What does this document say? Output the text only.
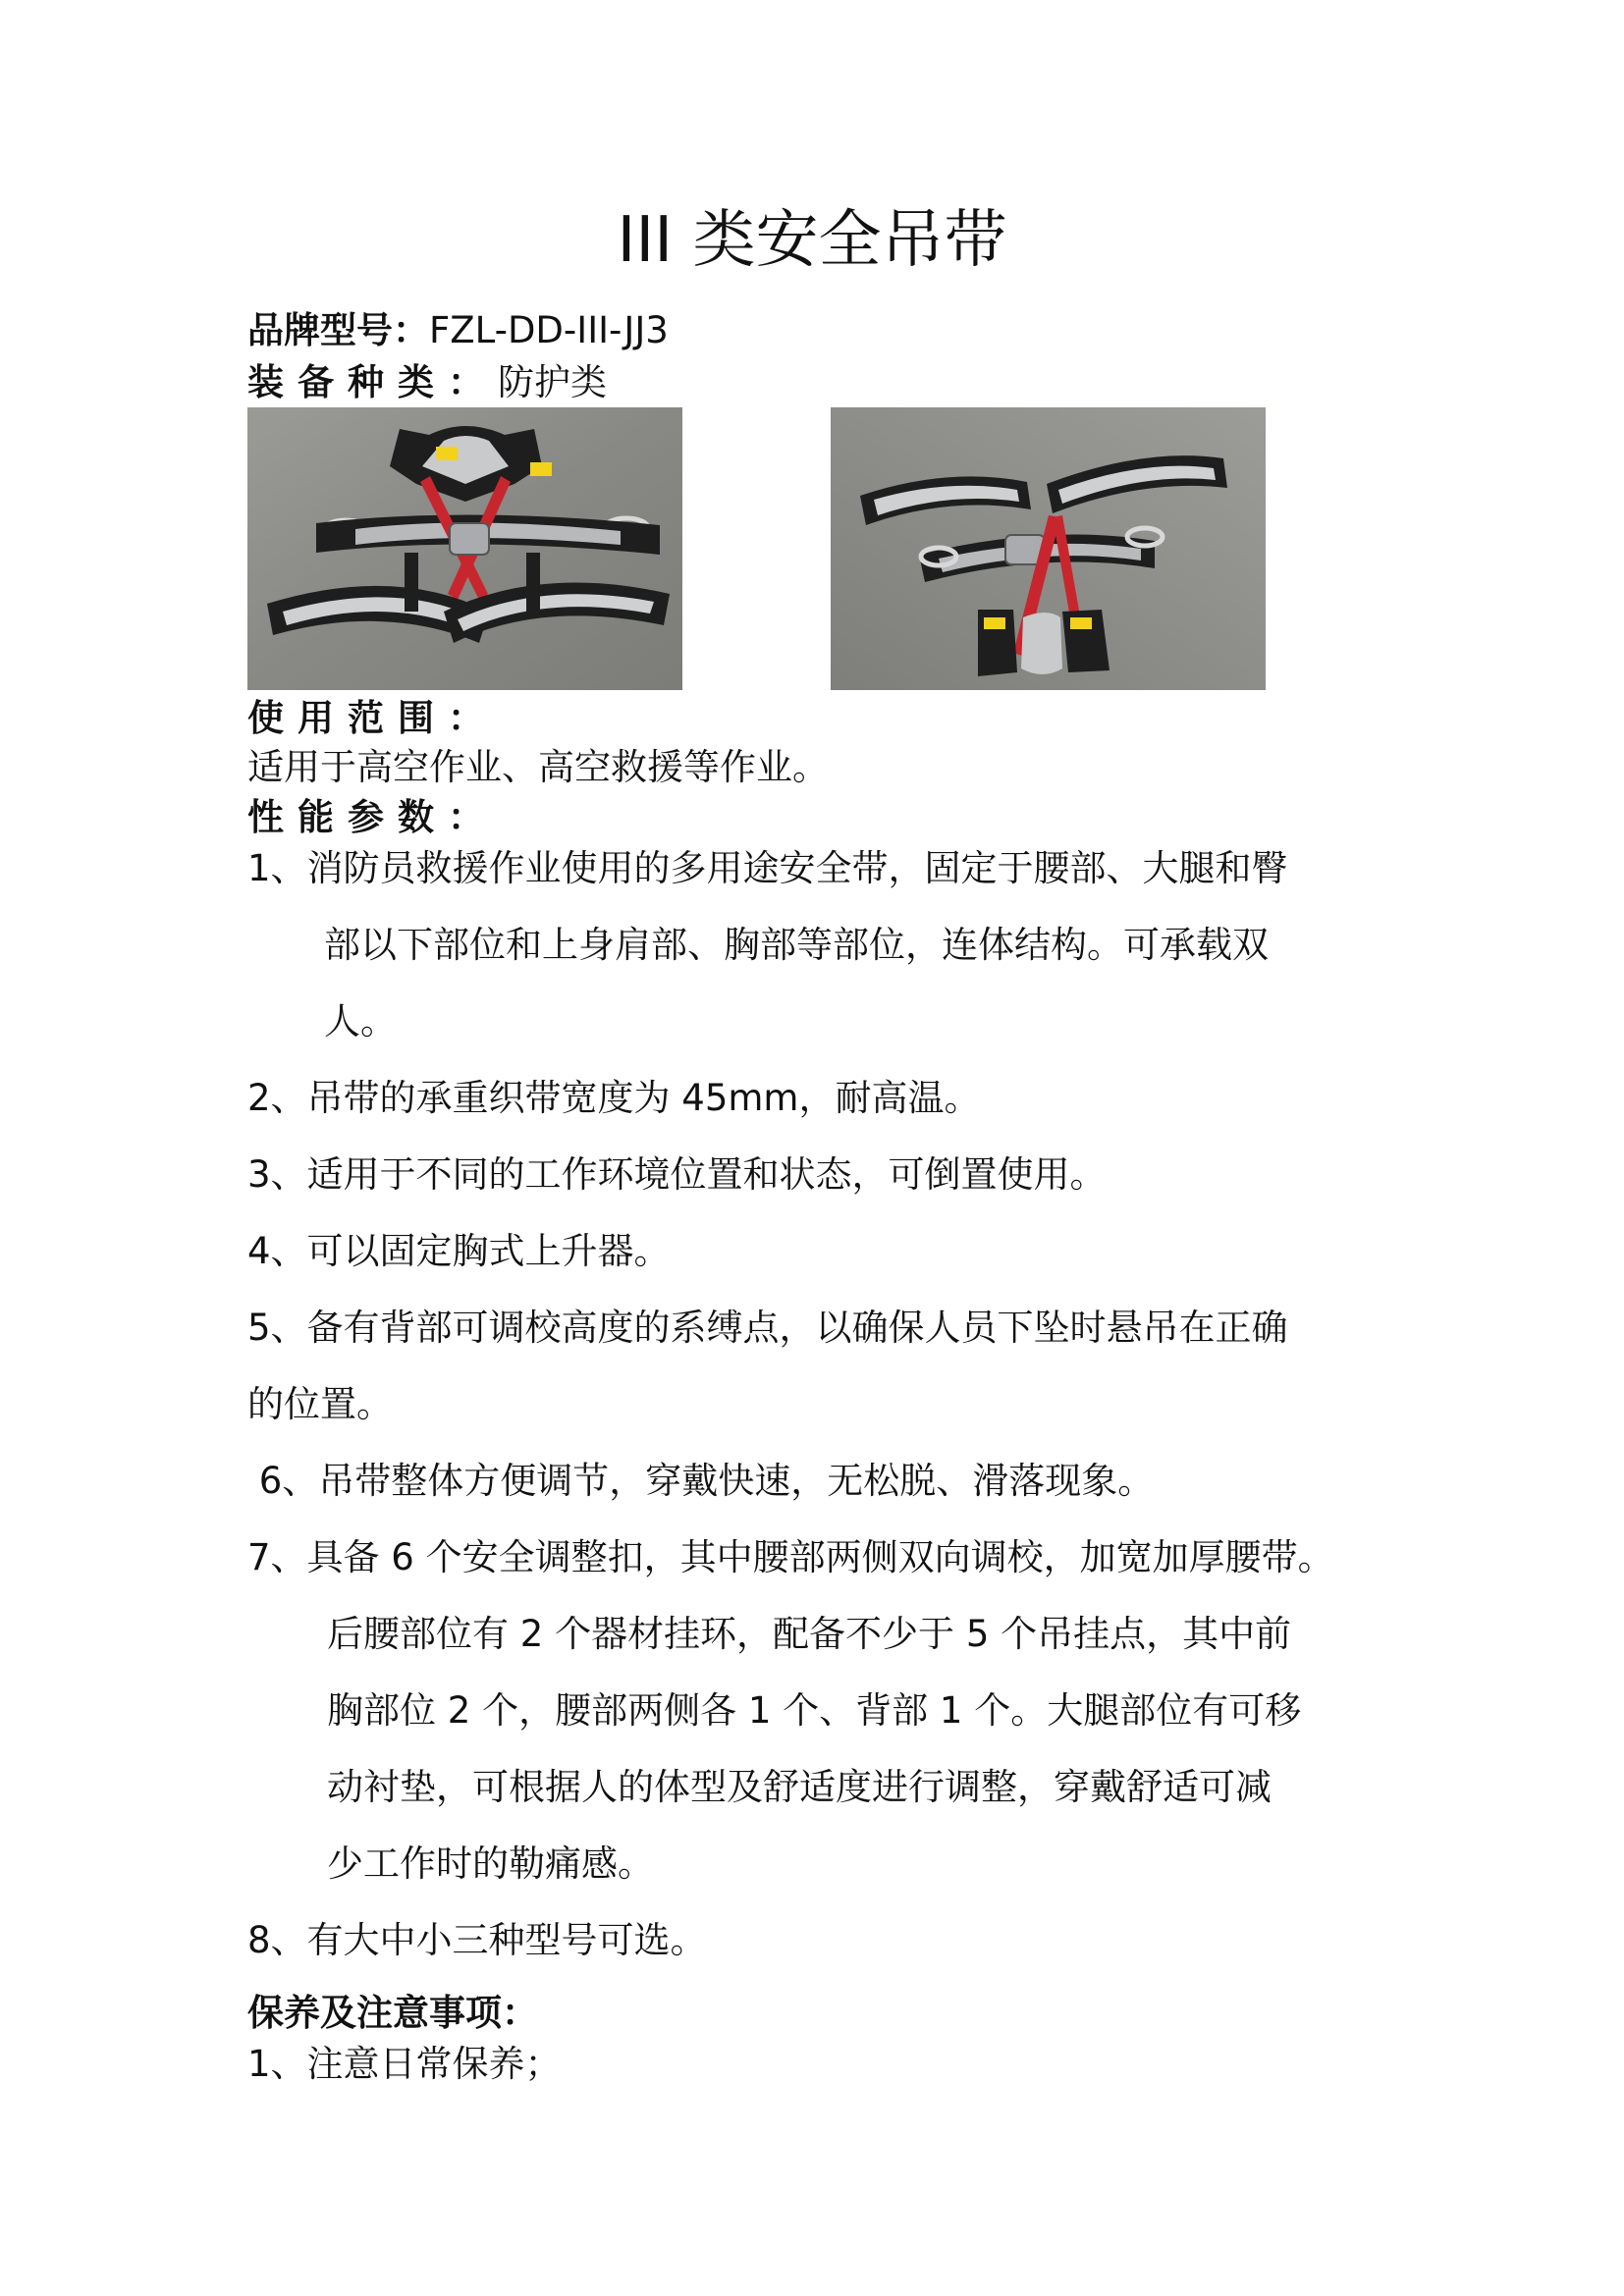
III 类安全吊带
品牌型号：FZL-DD-III-JJ3
装备种类：防护类
使用范围：
适用于高空作业、高空救援等作业。
性能参数：
1、消防员救援作业使用的多用途安全带，固定于腰部、大腿和臀
部以下部位和上身肩部、胸部等部位，连体结构。可承载双
人。
2、吊带的承重织带宽度为 45mm，耐高温。
3、适用于不同的工作环境位置和状态，可倒置使用。
4、可以固定胸式上升器。
5、备有背部可调校高度的系缚点，以确保人员下坠时悬吊在正确
的位置。
6、吊带整体方便调节，穿戴快速，无松脱、滑落现象。
7、具备 6 个安全调整扣，其中腰部两侧双向调校，加宽加厚腰带。
后腰部位有 2 个器材挂环，配备不少于 5 个吊挂点，其中前
胸部位 2 个，腰部两侧各 1 个、背部 1 个。大腿部位有可移
动衬垫，可根据人的体型及舒适度进行调整，穿戴舒适可减
少工作时的勒痛感。
8、有大中小三种型号可选。
保养及注意事项：
1、注意日常保养；
